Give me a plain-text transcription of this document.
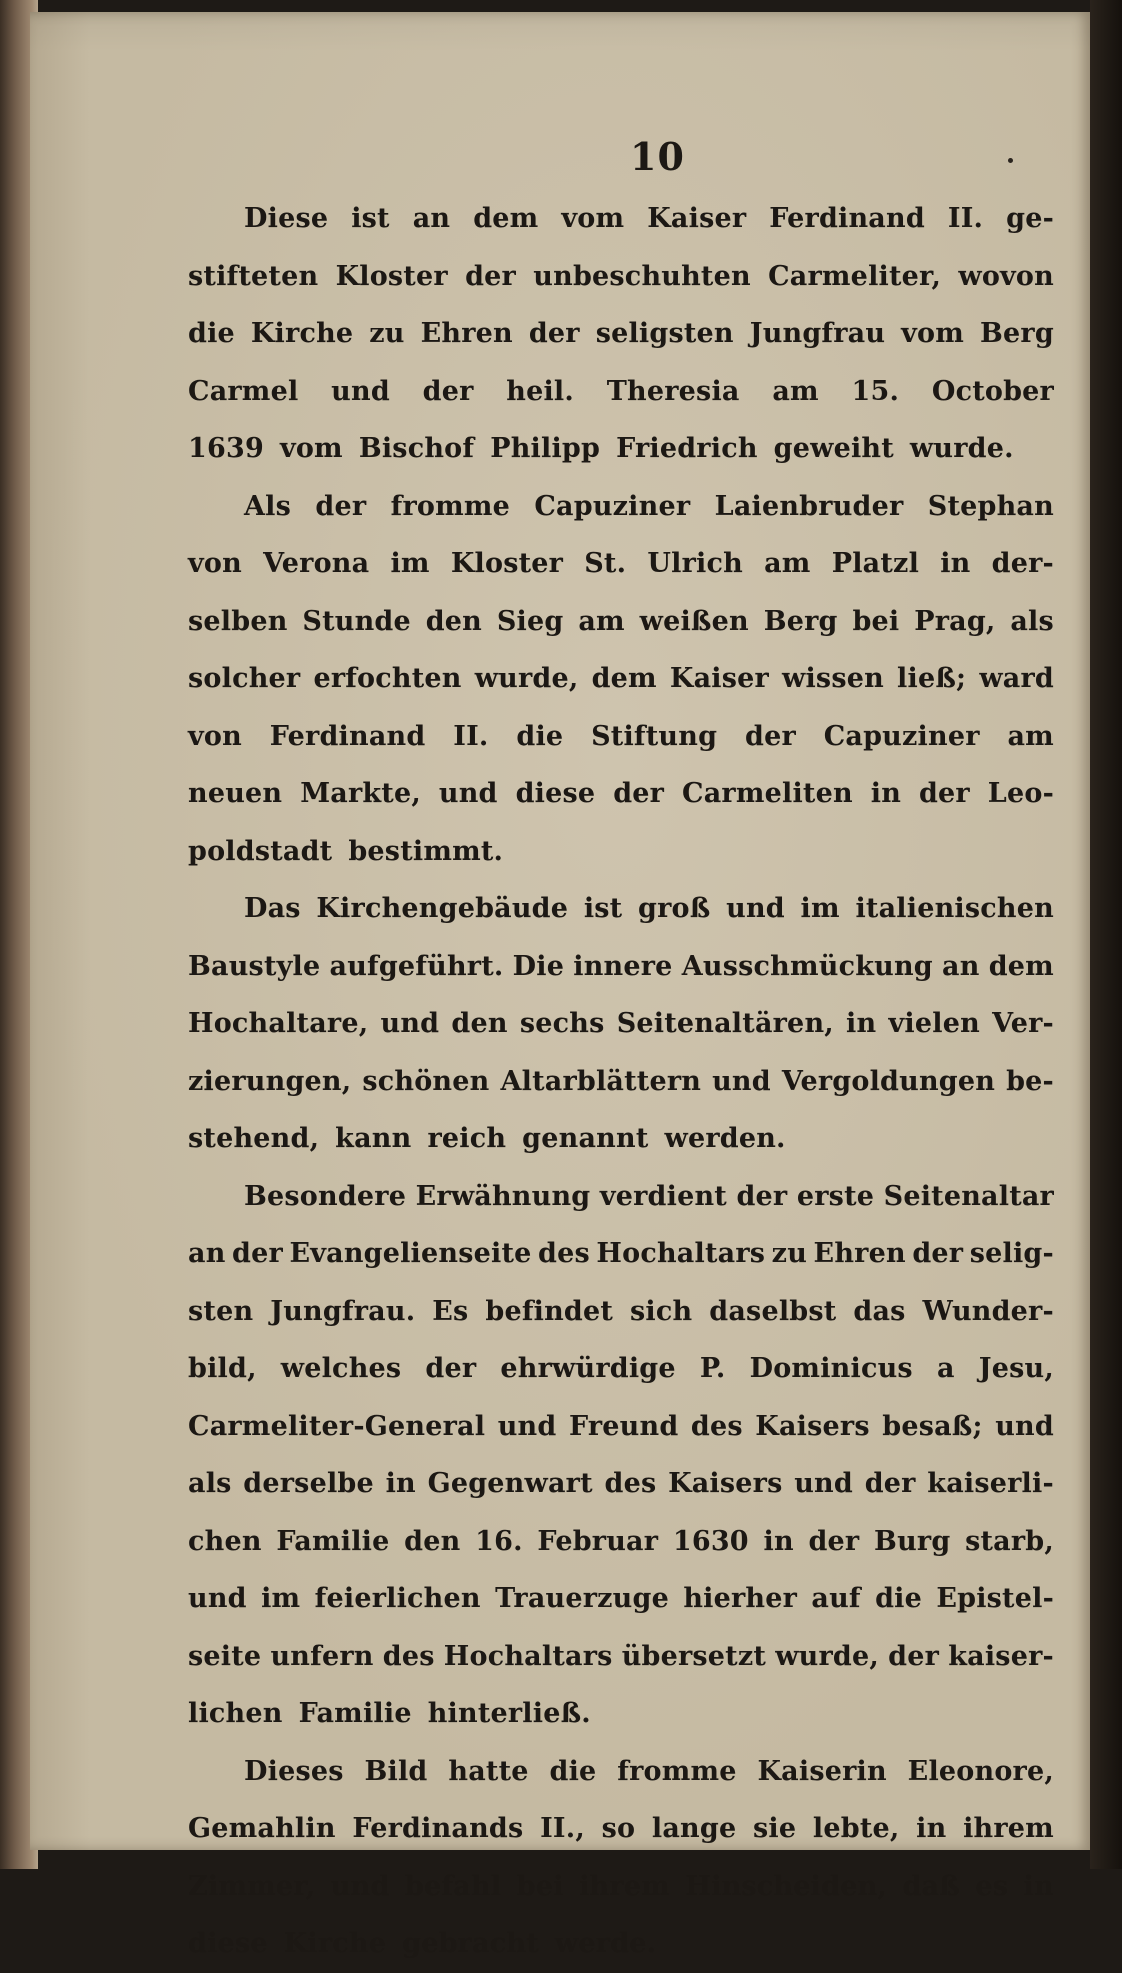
10
Diese ist an dem vom Kaiser Ferdinand II. ge-
stifteten Kloster der unbeschuhten Carmeliter, wovon
die Kirche zu Ehren der seligsten Jungfrau vom Berg
Carmel und der heil. Theresia am 15. October
1639 vom Bischof Philipp Friedrich geweiht wurde.
Als der fromme Capuziner Laienbruder Stephan
von Verona im Kloster St. Ulrich am Platzl in der-
selben Stunde den Sieg am weißen Berg bei Prag, als
solcher erfochten wurde, dem Kaiser wissen ließ; ward
von Ferdinand II. die Stiftung der Capuziner am
neuen Markte, und diese der Carmeliten in der Leo-
poldstadt bestimmt.
Das Kirchengebäude ist groß und im italienischen
Baustyle aufgeführt. Die innere Ausschmückung an dem
Hochaltare, und den sechs Seitenaltären, in vielen Ver-
zierungen, schönen Altarblättern und Vergoldungen be-
stehend, kann reich genannt werden.
Besondere Erwähnung verdient der erste Seitenaltar
an der Evangelienseite des Hochaltars zu Ehren der selig-
sten Jungfrau. Es befindet sich daselbst das Wunder-
bild, welches der ehrwürdige P. Dominicus a Jesu,
Carmeliter-General und Freund des Kaisers besaß; und
als derselbe in Gegenwart des Kaisers und der kaiserli-
chen Familie den 16. Februar 1630 in der Burg starb,
und im feierlichen Trauerzuge hierher auf die Epistel-
seite unfern des Hochaltars übersetzt wurde, der kaiser-
lichen Familie hinterließ.
Dieses Bild hatte die fromme Kaiserin Eleonore,
Gemahlin Ferdinands II., so lange sie lebte, in ihrem
Zimmer, und befahl bei ihrem Hinscheiden, daß es in
diese Kirche gebracht werde.
